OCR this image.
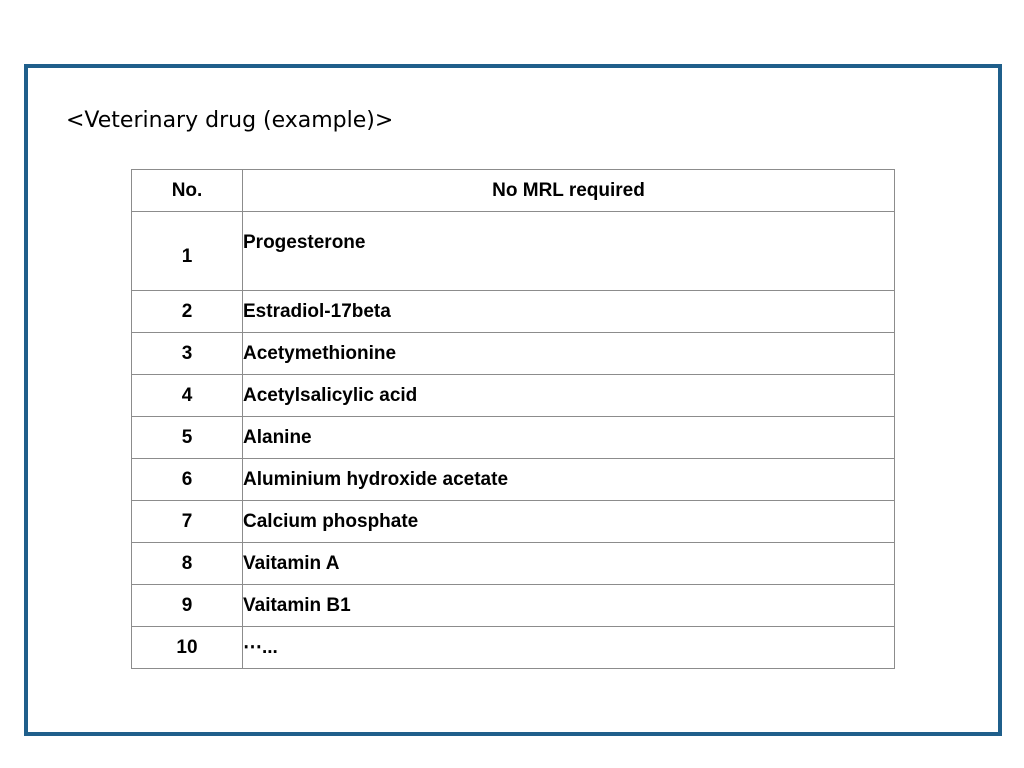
<Veterinary drug (example)>
No.	No MRL required
1	Progesterone
2	Estradiol-17beta
3	Acetymethionine
4	Acetylsalicylic acid
5	Alanine
6	Aluminium hydroxide acetate
7	Calcium phosphate
8	Vaitamin A
9	Vaitamin B1
10	⋯...
